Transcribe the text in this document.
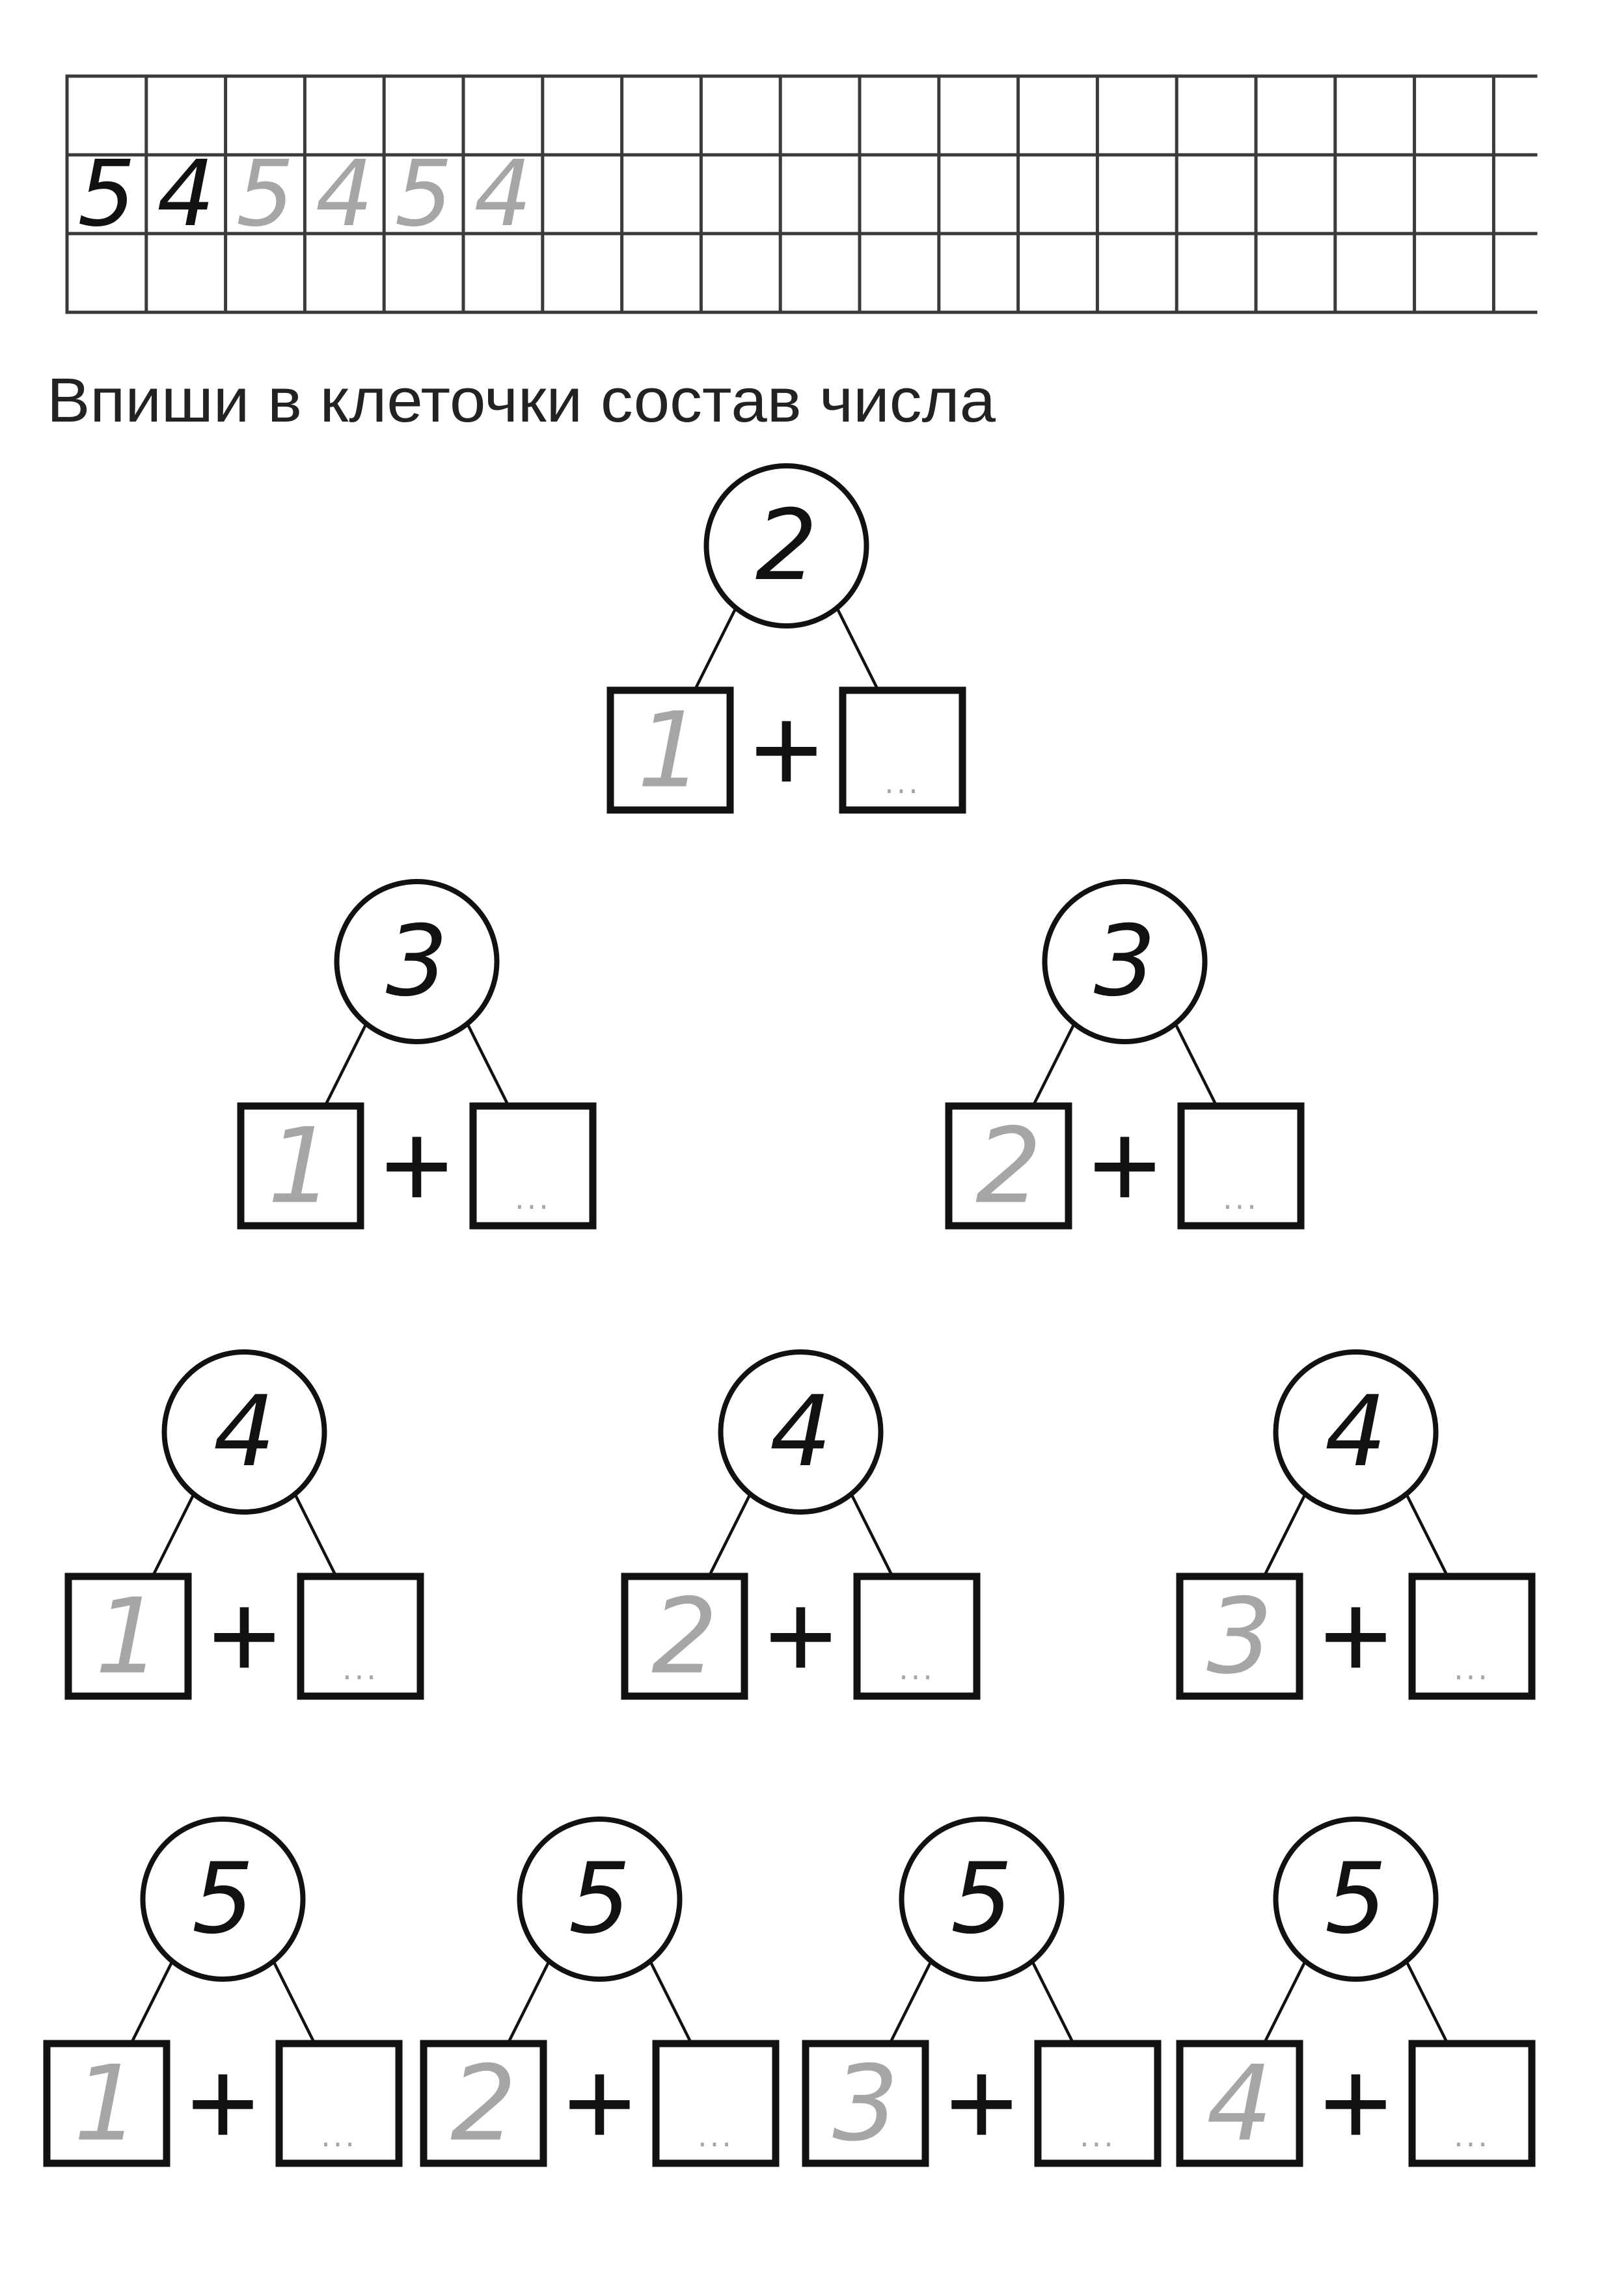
5 4 5 4 5 4
Впиши в клеточки состав числа
2
1 + ...
3
1 + ...
3
2 + ...
4
1 + ...
4
2 + ...
4
3 + ...
5
1 + ...
5
2 + ...
5
3 + ...
5
4 + ...
